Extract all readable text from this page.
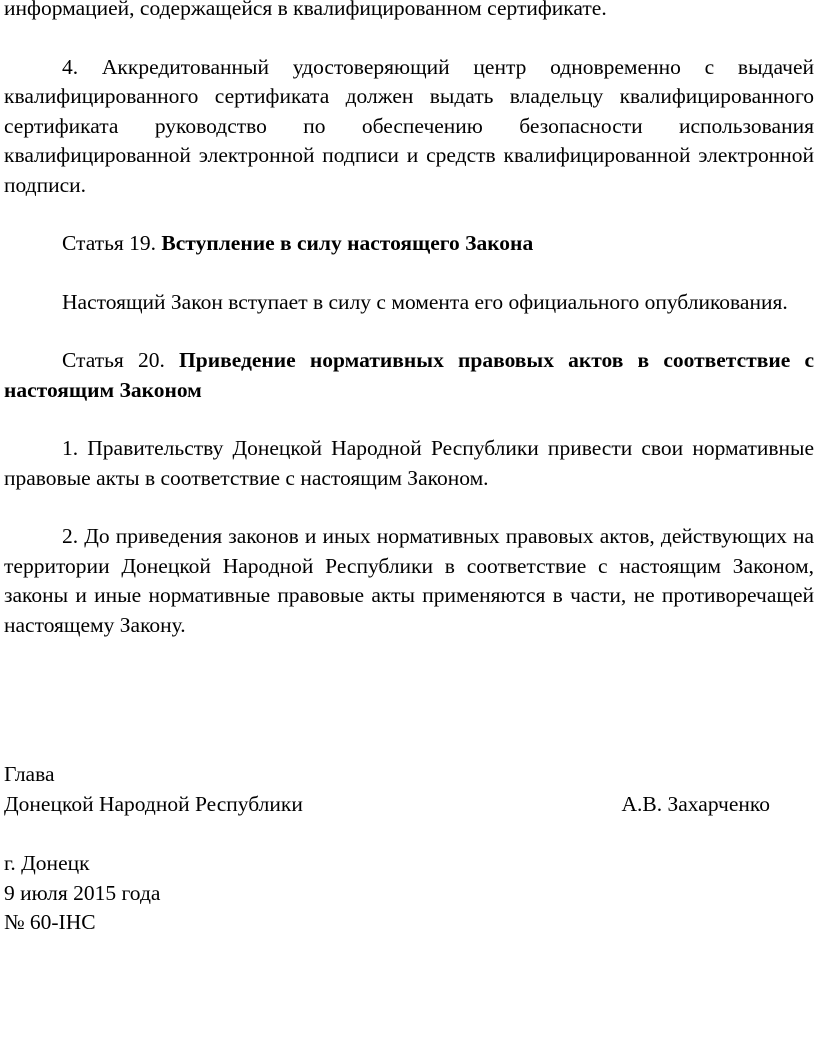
информацией, содержащейся в квалифицированном сертификате.

4. Аккредитованный удостоверяющий центр одновременно с выдачей квалифицированного сертификата должен выдать владельцу квалифицированного сертификата руководство по обеспечению безопасности использования квалифицированной электронной подписи и средств квалифицированной электронной подписи.

Статья 19. Вступление в силу настоящего Закона

Настоящий Закон вступает в силу с момента его официального опубликования.

Статья 20. Приведение нормативных правовых актов в соответствие с настоящим Законом

1. Правительству Донецкой Народной Республики привести свои нормативные правовые акты в соответствие с настоящим Законом.

2. До приведения законов и иных нормативных правовых актов, действующих на территории Донецкой Народной Республики в соответствие с настоящим Законом, законы и иные нормативные правовые акты применяются в части, не противоречащей настоящему Закону.

Глава
Донецкой Народной Республики	А.В. Захарченко
г. Донецк
9 июля 2015 года
№ 60-IНС
